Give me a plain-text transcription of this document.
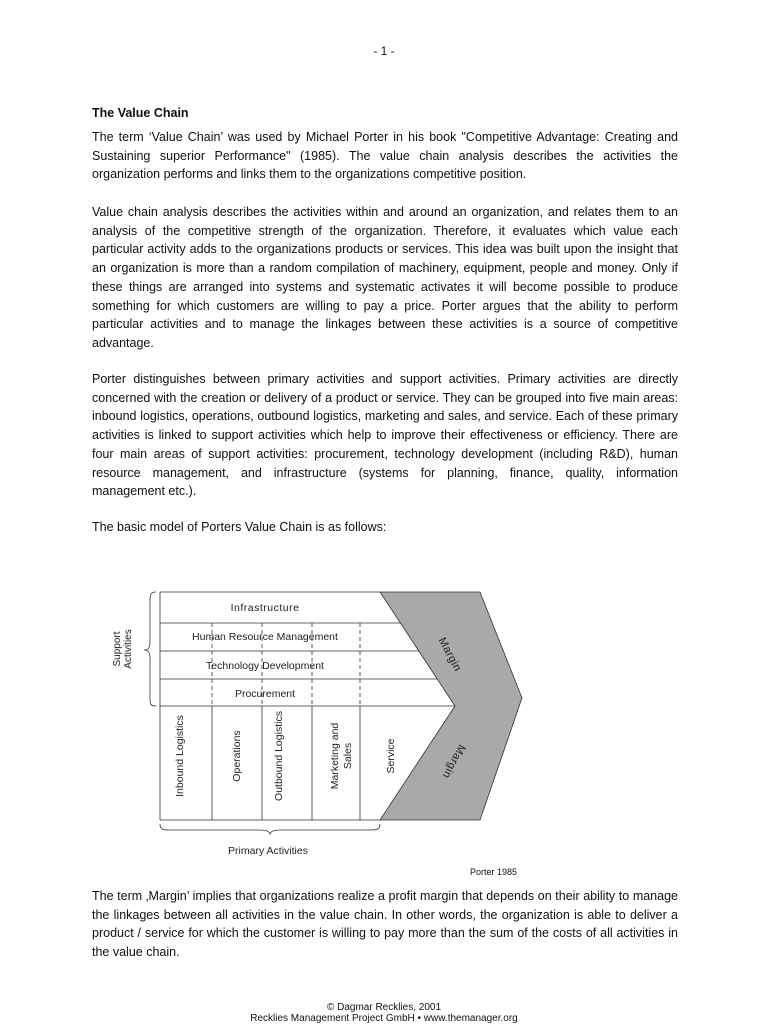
- 1 -
The Value Chain

The term ‘Value Chain’ was used by Michael Porter in his book "Competitive Advantage: Creating and Sustaining superior Performance" (1985). The value chain analysis describes the activities the organization performs and links them to the organizations competitive position.

Value chain analysis describes the activities within and around an organization, and relates them to an analysis of the competitive strength of the organization. Therefore, it evaluates which value each particular activity adds to the organizations products or services. This idea was built upon the insight that an organization is more than a random compilation of machinery, equipment, people and money. Only if these things are arranged into systems and systematic activates it will become possible to produce something for which customers are willing to pay a price. Porter argues that the ability to perform particular activities and to manage the linkages between these activities is a source of competitive advantage.

Porter distinguishes between primary activities and support activities. Primary activities are directly concerned with the creation or delivery of a product or service. They can be grouped into five main areas: inbound logistics, operations, outbound logistics, marketing and sales, and service. Each of these primary activities is linked to support activities which help to improve their effectiveness or efficiency. There are four main areas of support activities: procurement, technology development (including R&D), human resource management, and infrastructure (systems for planning, finance, quality, information management etc.).

The basic model of Porters Value Chain is as follows:

Support Activities
Infrastructure
Human Resource Management
Technology Development
Procurement
Inbound Logistics	Operations	Outbound Logistics	Marketing and Sales	Service
Margin
Margin
Primary Activities
Porter 1985

The term ‚Margin’ implies that organizations realize a profit margin that depends on their ability to manage the linkages between all activities in the value chain. In other words, the organization is able to deliver a product / service for which the customer is willing to pay more than the sum of the costs of all activities in the value chain.

© Dagmar Recklies, 2001
Recklies Management Project GmbH • www.themanager.org
